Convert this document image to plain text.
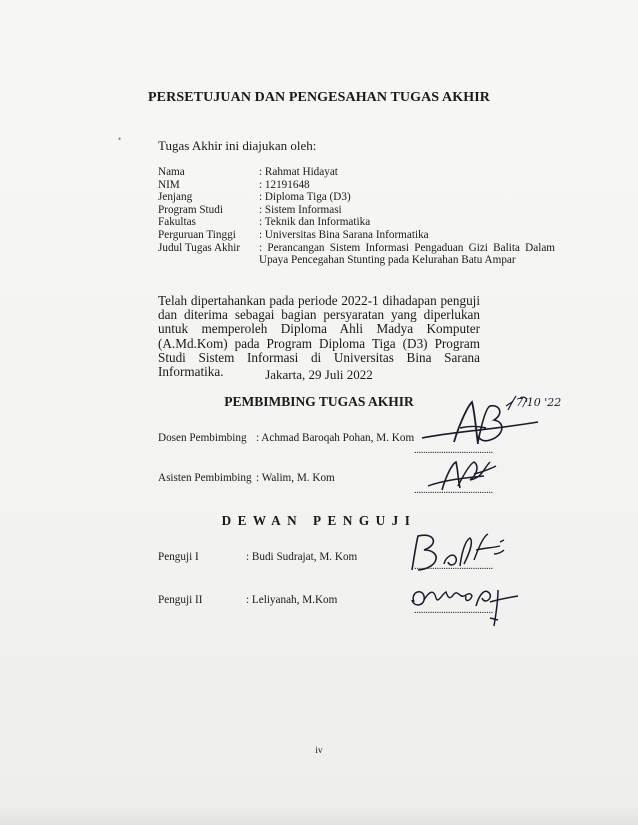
•
PERSETUJUAN DAN PENGESAHAN TUGAS AKHIR
Tugas Akhir ini diajukan oleh:
Nama	: Rahmat Hidayat
NIM	: 12191648
Jenjang	: Diploma Tiga (D3)
Program Studi	: Sistem Informasi
Fakultas	: Teknik dan Informatika
Perguruan Tinggi	: Universitas Bina Sarana Informatika
Judul Tugas Akhir	: Perancangan Sistem Informasi Pengaduan Gizi Balita Dalam Upaya Pencegahan Stunting pada Kelurahan Batu Ampar
Telah dipertahankan pada periode 2022-1 dihadapan penguji dan diterima sebagai bagian persyaratan yang diperlukan untuk memperoleh Diploma Ahli Madya Komputer (A.Md.Kom) pada Program Diploma Tiga (D3) Program Studi Sistem Informasi di Universitas Bina Sarana Informatika.	Jakarta, 29 Juli 2022
PEMBIMBING TUGAS AKHIR
Dosen Pembimbing : Achmad Baroqah Pohan, M. Kom
...................................
Asisten Pembimbing : Walim, M. Kom
...................................
DEWAN PENGUJI
Penguji I	: Budi Sudrajat, M. Kom
...................................
Penguji II	: Leliyanah, M.Kom
...................................
7/10 '22
iv
